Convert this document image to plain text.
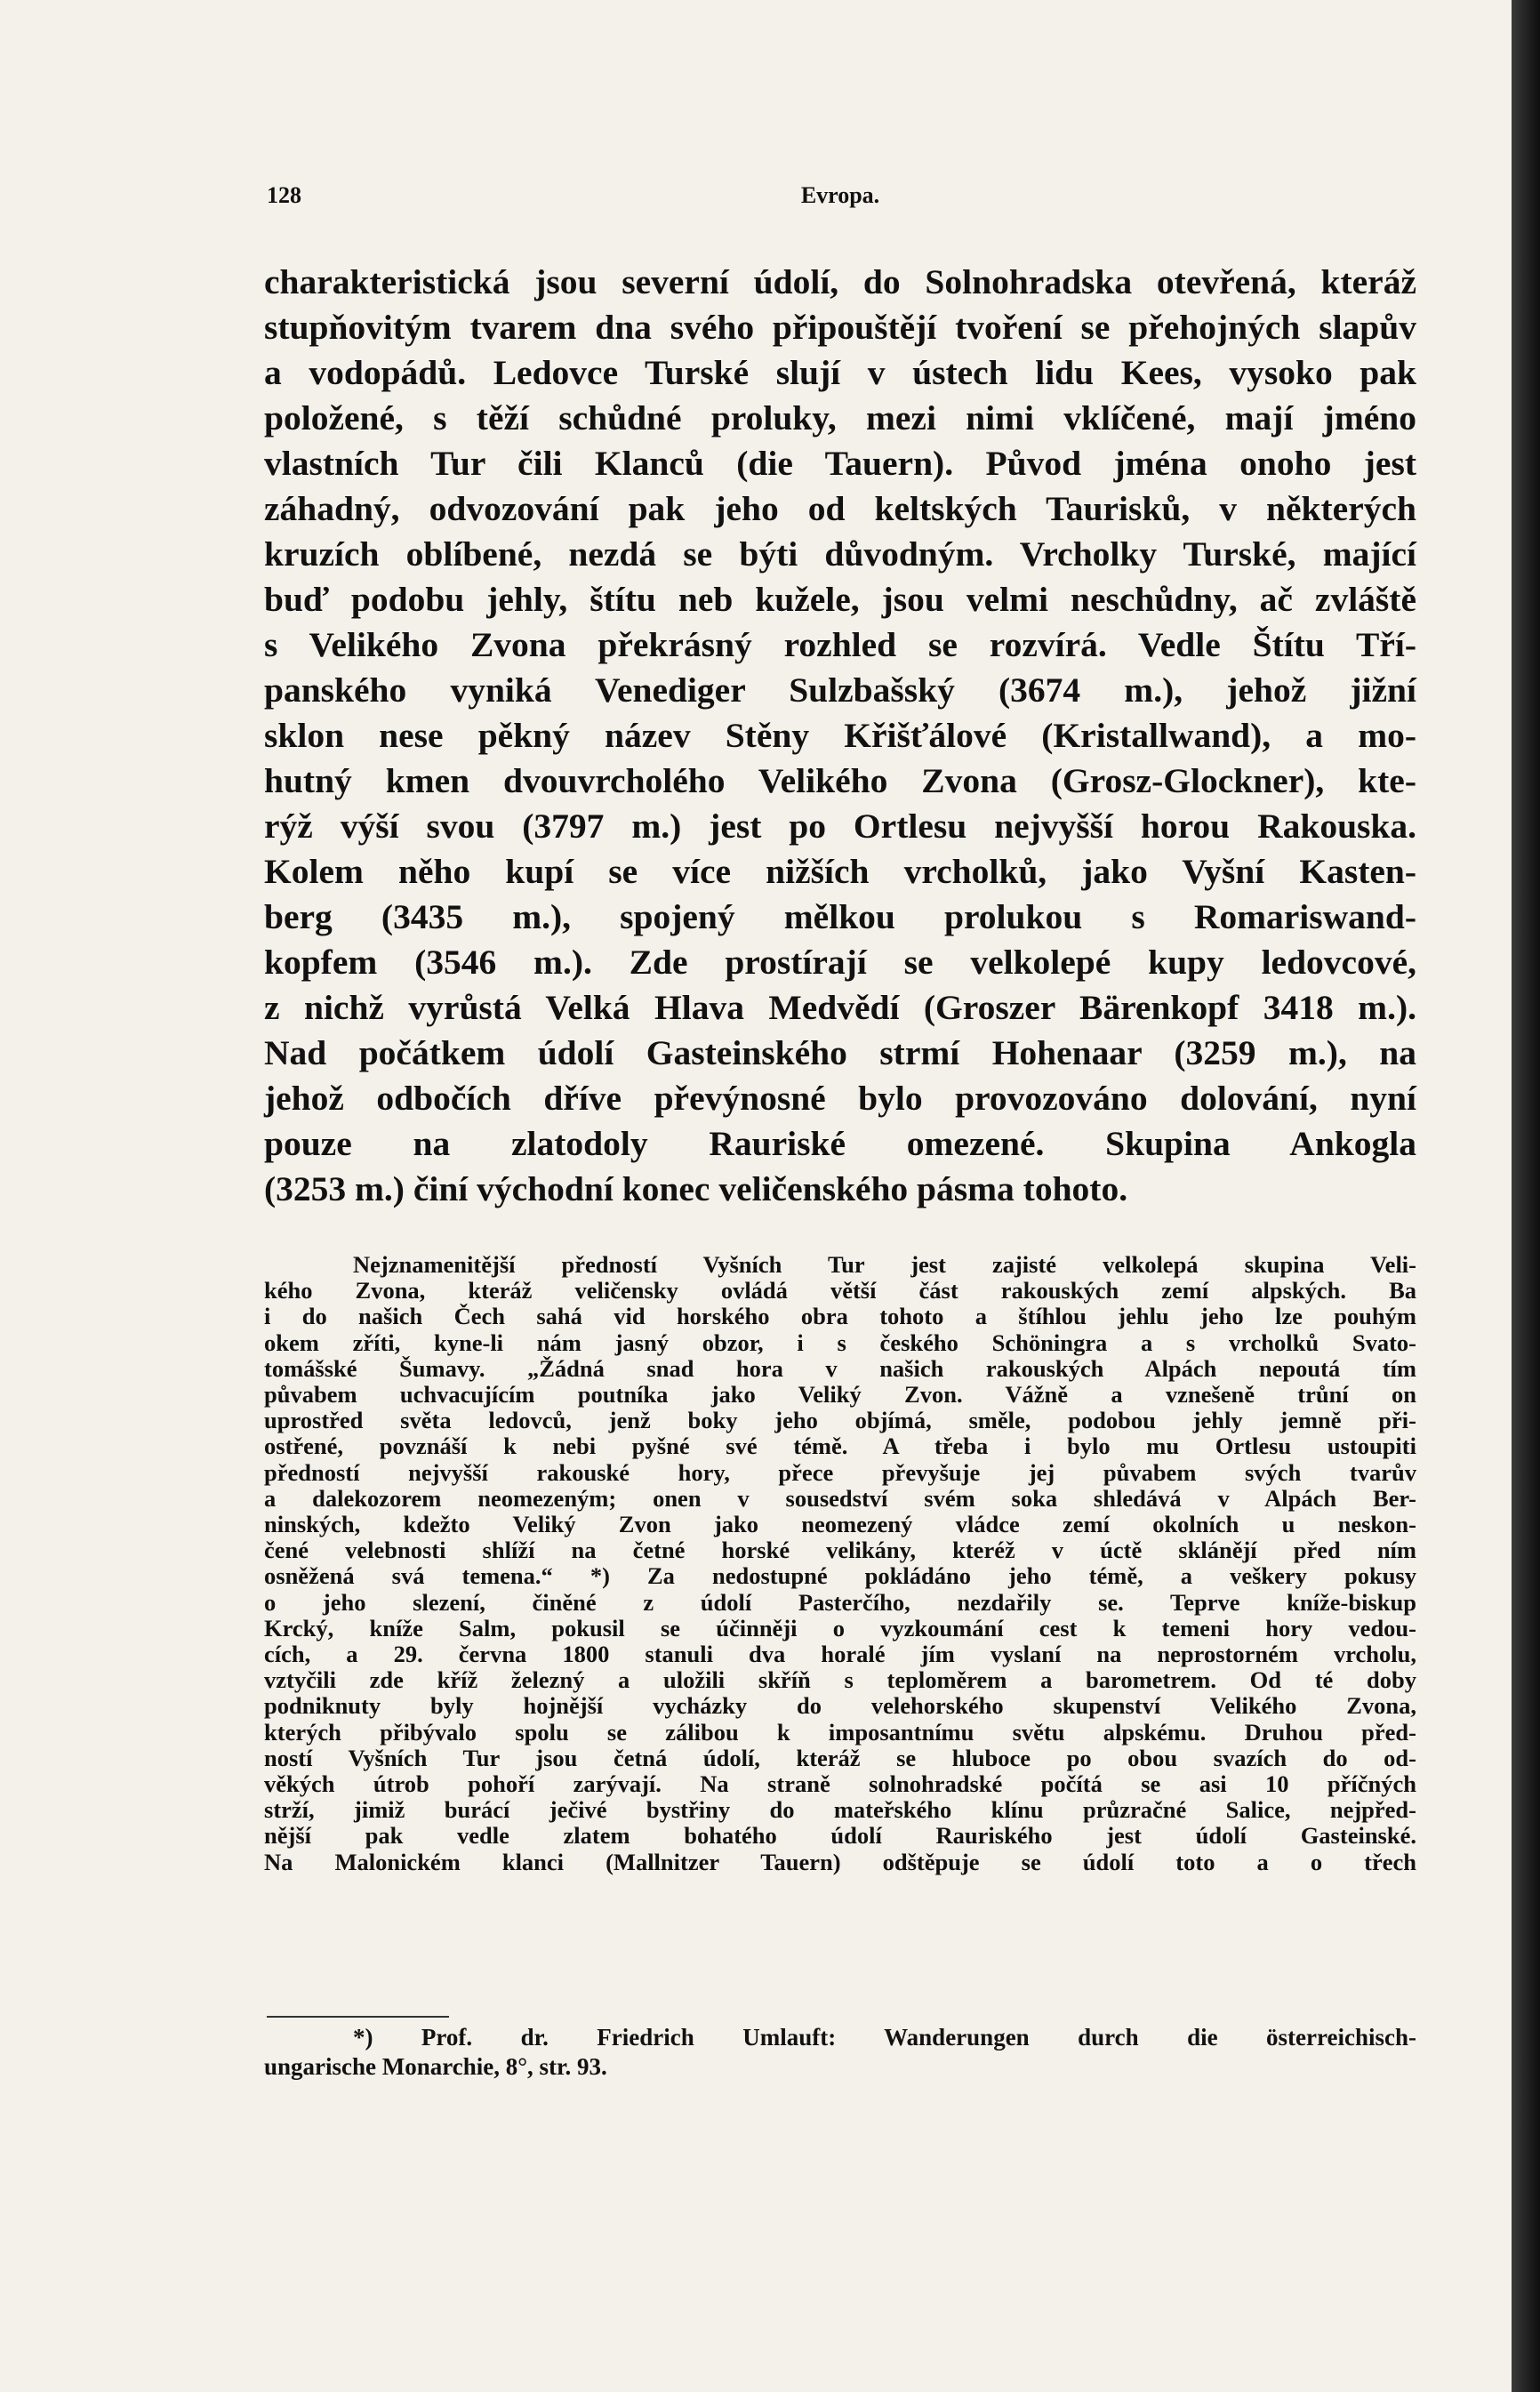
128	Evropa.
charakteristická jsou severní údolí, do Solnohradska otevřená, kteráž
stupňovitým tvarem dna svého připouštějí tvoření se přehojných slapův
a vodopádů. Ledovce Turské slují v ústech lidu Kees, vysoko pak
položené, s těží schůdné proluky, mezi nimi vklíčené, mají jméno
vlastních Tur čili Klanců (die Tauern). Původ jména onoho jest
záhadný, odvozování pak jeho od keltských Taurisků, v některých
kruzích oblíbené, nezdá se býti důvodným. Vrcholky Turské, mající
buď podobu jehly, štítu neb kužele, jsou velmi neschůdny, ač zvláště
s Velikého Zvona překrásný rozhled se rozvírá. Vedle Štítu Tří-
panského vyniká Venediger Sulzbašský (3674 m.), jehož jižní
sklon nese pěkný název Stěny Křišťálové (Kristallwand), a mo-
hutný kmen dvouvrcholého Velikého Zvona (Grosz-Glockner), kte-
rýž výší svou (3797 m.) jest po Ortlesu nejvyšší horou Rakouska.
Kolem něho kupí se více nižších vrcholků, jako Vyšní Kasten-
berg (3435 m.), spojený mělkou prolukou s Romariswand-
kopfem (3546 m.). Zde prostírají se velkolepé kupy ledovcové,
z nichž vyrůstá Velká Hlava Medvědí (Groszer Bärenkopf 3418 m.).
Nad počátkem údolí Gasteinského strmí Hohenaar (3259 m.), na
jehož odbočích dříve převýnosné bylo provozováno dolování, nyní
pouze na zlatodoly Rauriské omezené. Skupina Ankogla
(3253 m.) činí východní konec veličenského pásma tohoto.
Nejznamenitější předností Vyšních Tur jest zajisté velkolepá skupina Veli-
kého Zvona, kteráž veličensky ovládá větší část rakouských zemí alpských. Ba
i do našich Čech sahá vid horského obra tohoto a štíhlou jehlu jeho lze pouhým
okem zříti, kyne-li nám jasný obzor, i s českého Schöningra a s vrcholků Svato-
tomášské Šumavy. „Žádná snad hora v našich rakouských Alpách nepoutá tím
půvabem uchvacujícím poutníka jako Veliký Zvon. Vážně a vznešeně trůní on
uprostřed světa ledovců, jenž boky jeho objímá, směle, podobou jehly jemně při-
ostřené, povznáší k nebi pyšné své témě. A třeba i bylo mu Ortlesu ustoupiti
předností nejvyšší rakouské hory, přece převyšuje jej půvabem svých tvarův
a dalekozorem neomezeným; onen v sousedství svém soka shledává v Alpách Ber-
ninských, kdežto Veliký Zvon jako neomezený vládce zemí okolních u neskon-
čené velebnosti shlíží na četné horské velikány, kteréž v úctě sklánějí před ním
osněžená svá temena.“ *) Za nedostupné pokládáno jeho témě, a veškery pokusy
o jeho slezení, činěné z údolí Pasterčího, nezdařily se. Teprve kníže-biskup
Krcký, kníže Salm, pokusil se účinněji o vyzkoumání cest k temeni hory vedou-
cích, a 29. června 1800 stanuli dva horalé jím vyslaní na neprostorném vrcholu,
vztyčili zde kříž železný a uložili skříň s teploměrem a barometrem. Od té doby
podniknuty byly hojnější vycházky do velehorského skupenství Velikého Zvona,
kterých přibývalo spolu se zálibou k imposantnímu světu alpskému. Druhou před-
ností Vyšních Tur jsou četná údolí, kteráž se hluboce po obou svazích do od-
věkých útrob pohoří zarývají. Na straně solnohradské počítá se asi 10 příčných
strží, jimiž burácí ječivé bystřiny do mateřského klínu průzračné Salice, nejpřed-
nější pak vedle zlatem bohatého údolí Rauriského jest údolí Gasteinské.
Na Malonickém klanci (Mallnitzer Tauern) odštěpuje se údolí toto a o třech
*) Prof. dr. Friedrich Umlauft: Wanderungen durch die österreichisch-
ungarische Monarchie, 8°, str. 93.
